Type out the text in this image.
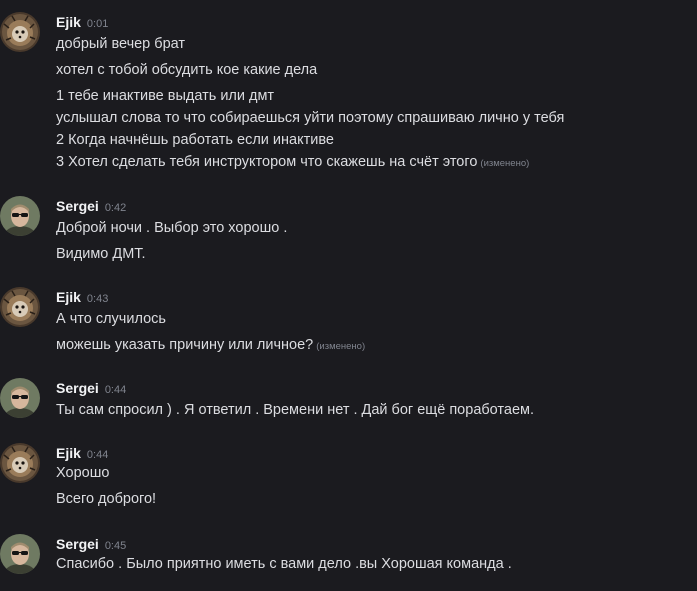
Ejik 0:01
добрый вечер брат
хотел с тобой обсудить кое какие дела
1 тебе инактиве выдать или дмт
услышал слова то что собираешься уйти поэтому спрашиваю лично у тебя
2 Когда начнёшь работать если инактиве
3 Хотел сделать тебя инструктором что скажешь на счёт этого (изменено)
Sergei 0:42
Доброй ночи . Выбор это хорошо .
Видимо ДМТ.
Ejik 0:43
А что случилось
можешь указать причину или личное? (изменено)
Sergei 0:44
Ты сам спросил ) . Я ответил . Времени нет . Дай бог ещё поработаем.
Ejik 0:44
Хорошо
Всего доброго!
Sergei 0:45
Спасибо . Было приятно иметь с вами дело .вы Хорошая команда .
